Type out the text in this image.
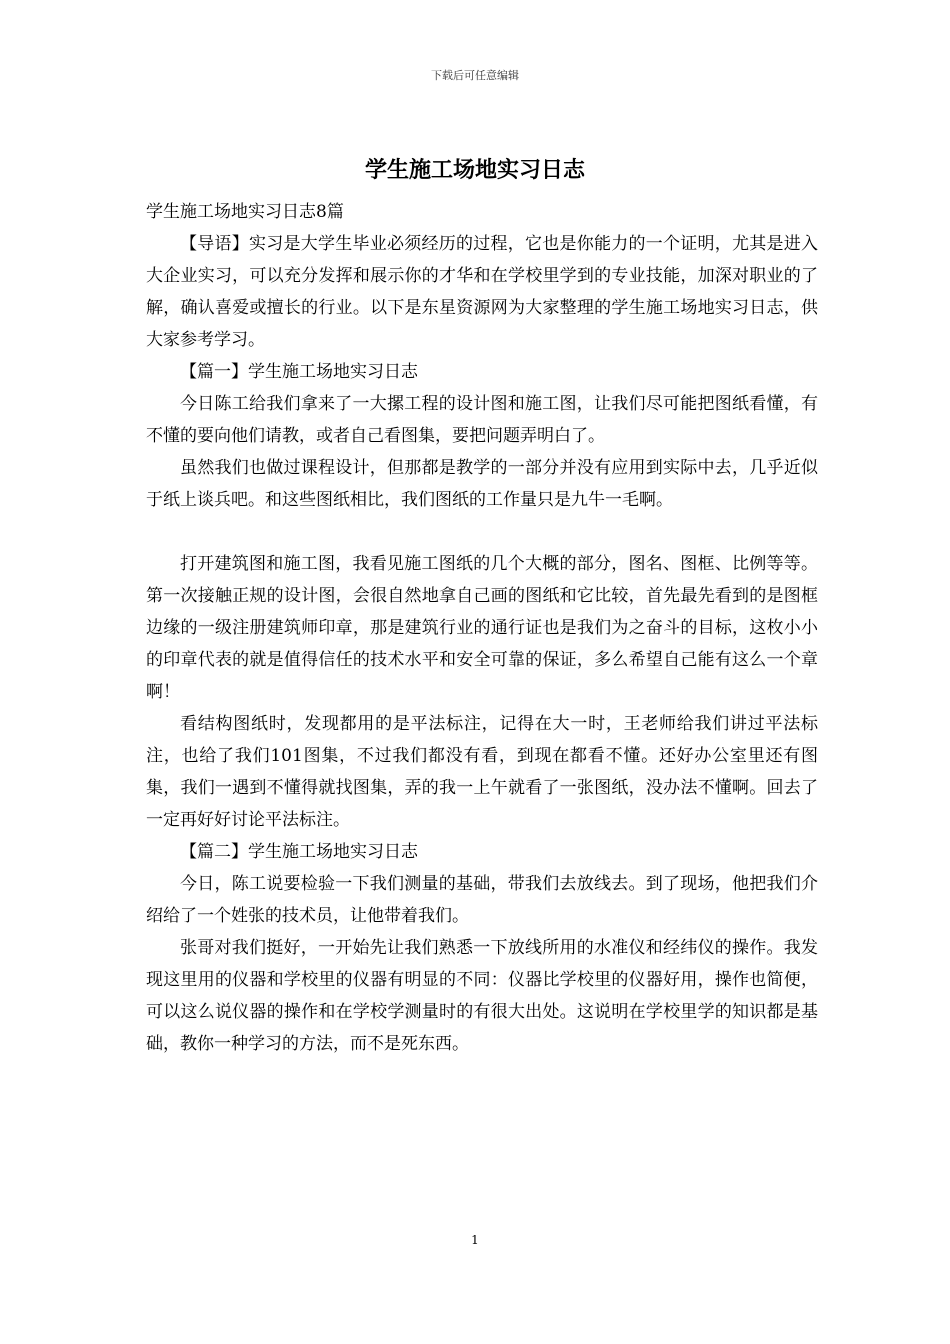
下载后可任意编辑
学生施工场地实习日志

学生施工场地实习日志8篇

【导语】实习是大学生毕业必须经历的过程，它也是你能力的一个证明，尤其是进入大企业实习，可以充分发挥和展示你的才华和在学校里学到的专业技能，加深对职业的了解，确认喜爱或擅长的行业。以下是东星资源网为大家整理的学生施工场地实习日志，供大家参考学习。

【篇一】学生施工场地实习日志

今日陈工给我们拿来了一大摞工程的设计图和施工图，让我们尽可能把图纸看懂，有不懂的要向他们请教，或者自己看图集，要把问题弄明白了。

虽然我们也做过课程设计，但那都是教学的一部分并没有应用到实际中去，几乎近似于纸上谈兵吧。和这些图纸相比，我们图纸的工作量只是九牛一毛啊。

打开建筑图和施工图，我看见施工图纸的几个大概的部分，图名、图框、比例等等。第一次接触正规的设计图，会很自然地拿自己画的图纸和它比较，首先最先看到的是图框边缘的一级注册建筑师印章，那是建筑行业的通行证也是我们为之奋斗的目标，这枚小小的印章代表的就是值得信任的技术水平和安全可靠的保证，多么希望自己能有这么一个章啊！

看结构图纸时，发现都用的是平法标注，记得在大一时，王老师给我们讲过平法标注，也给了我们101图集，不过我们都没有看，到现在都看不懂。还好办公室里还有图集，我们一遇到不懂得就找图集，弄的我一上午就看了一张图纸，没办法不懂啊。回去了一定再好好讨论平法标注。

【篇二】学生施工场地实习日志

今日，陈工说要检验一下我们测量的基础，带我们去放线去。到了现场，他把我们介绍给了一个姓张的技术员，让他带着我们。

张哥对我们挺好，一开始先让我们熟悉一下放线所用的水准仪和经纬仪的操作。我发现这里用的仪器和学校里的仪器有明显的不同：仪器比学校里的仪器好用，操作也简便，可以这么说仪器的操作和在学校学测量时的有很大出处。这说明在学校里学的知识都是基础，教你一种学习的方法，而不是死东西。

1
